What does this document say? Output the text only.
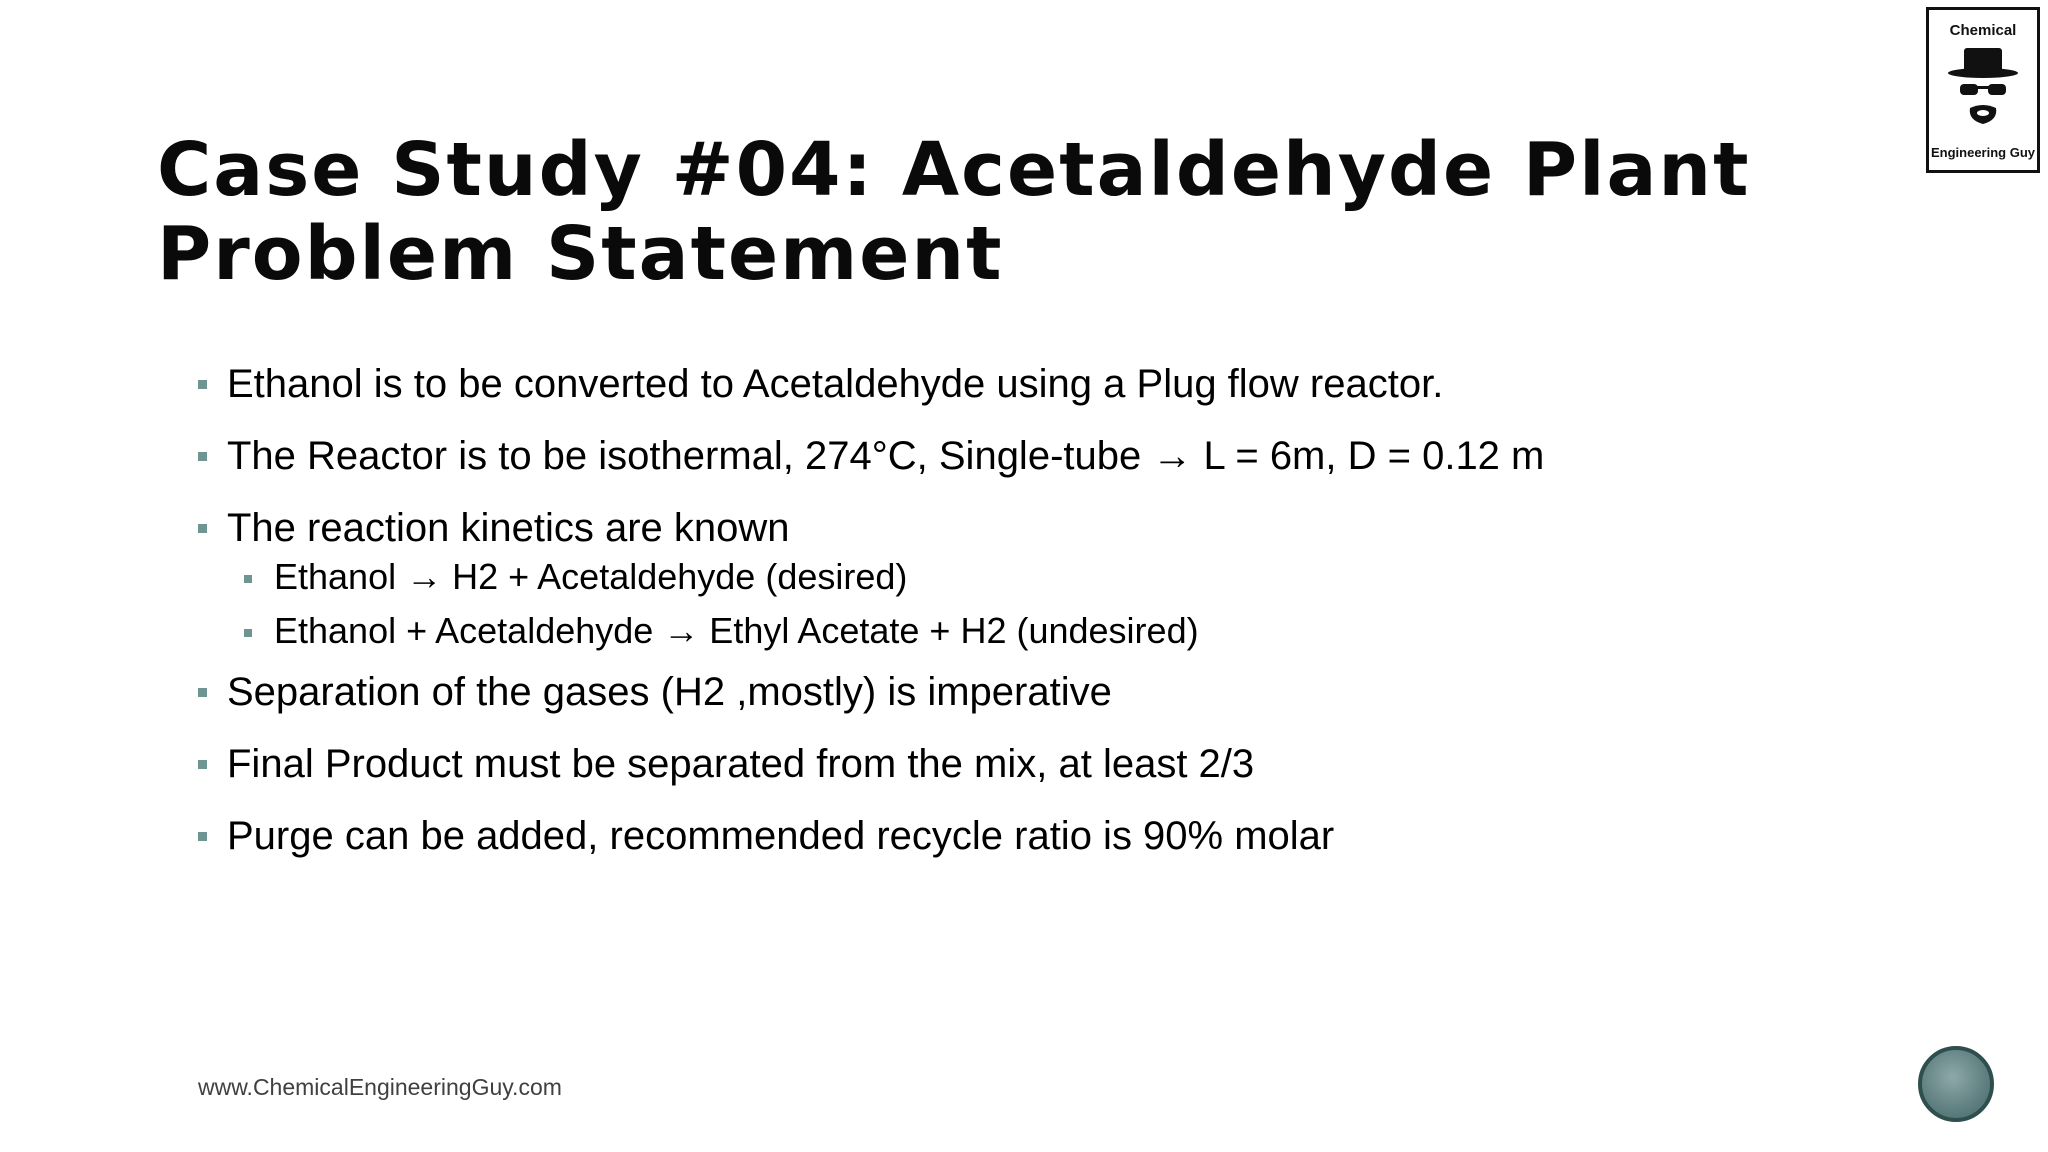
Case Study #04: Acetaldehyde Plant
Problem Statement
Ethanol is to be converted to Acetaldehyde using a Plug flow reactor.
The Reactor is to be isothermal, 274°C, Single-tube → L = 6m, D = 0.12 m
The reaction kinetics are known
Ethanol → H2 + Acetaldehyde (desired)
Ethanol + Acetaldehyde → Ethyl Acetate + H2 (undesired)
Separation of the gases (H2 ,mostly) is imperative
Final Product must be separated from the mix, at least 2/3
Purge can be added, recommended recycle ratio is 90% molar
www.ChemicalEngineeringGuy.com
Chemical
Engineering Guy
